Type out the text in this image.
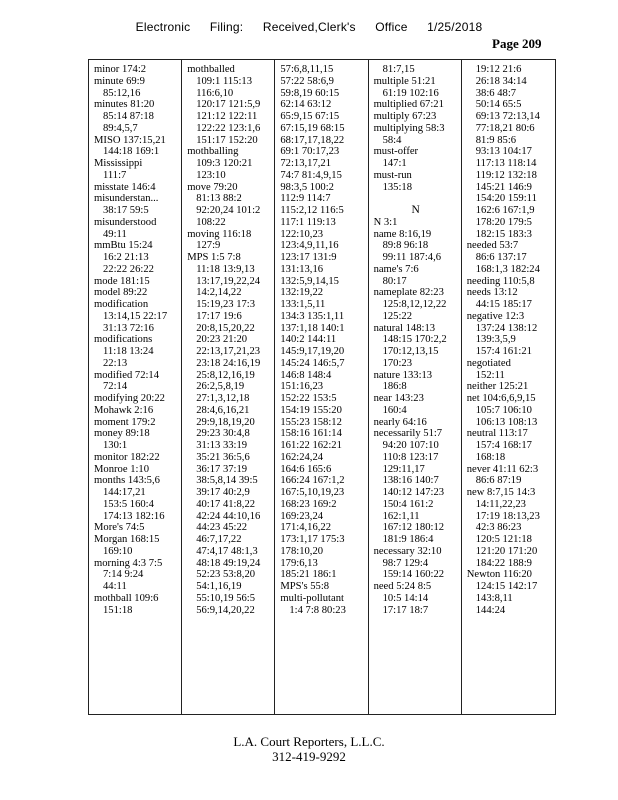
Electronic Filing: Received,Clerk's Office 1/25/2018
Page 209
minor 174:2
minute 69:9
85:12,16
minutes 81:20
85:14 87:18
89:4,5,7
MISO 137:15,21
144:18 169:1
Mississippi
111:7
misstate 146:4
misunderstan...
38:17 59:5
misunderstood
49:11
mmBtu 15:24
16:2 21:13
22:22 26:22
mode 181:15
model 89:22
modification
13:14,15 22:17
31:13 72:16
modifications
11:18 13:24
22:13
modified 72:14
72:14
modifying 20:22
Mohawk 2:16
moment 179:2
money 89:18
130:1
monitor 182:22
Monroe 1:10
months 143:5,6
144:17,21
153:5 160:4
174:13 182:16
More's 74:5
Morgan 168:15
169:10
morning 4:3 7:5
7:14 9:24
44:11
mothball 109:6
151:18
mothballed
109:1 115:13
116:6,10
120:17 121:5,9
121:12 122:11
122:22 123:1,6
151:17 152:20
mothballing
109:3 120:21
123:10
move 79:20
81:13 88:2
92:20,24 101:2
108:22
moving 116:18
127:9
MPS 1:5 7:8
11:18 13:9,13
13:17,19,22,24
14:2,14,22
15:19,23 17:3
17:17 19:6
20:8,15,20,22
20:23 21:20
22:13,17,21,23
23:18 24:16,19
25:8,12,16,19
26:2,5,8,19
27:1,3,12,18
28:4,6,16,21
29:9,18,19,20
29:23 30:4,8
31:13 33:19
35:21 36:5,6
36:17 37:19
38:5,8,14 39:5
39:17 40:2,9
40:17 41:8,22
42:24 44:10,16
44:23 45:22
46:7,17,22
47:4,17 48:1,3
48:18 49:19,24
52:23 53:8,20
54:1,16,19
55:10,19 56:5
56:9,14,20,22
57:6,8,11,15
57:22 58:6,9
59:8,19 60:15
62:14 63:12
65:9,15 67:15
67:15,19 68:15
68:17,17,18,22
69:1 70:17,23
72:13,17,21
74:7 81:4,9,15
98:3,5 100:2
112:9 114:7
115:2,12 116:5
117:1 119:13
122:10,23
123:4,9,11,16
123:17 131:9
131:13,16
132:5,9,14,15
132:19,22
133:1,5,11
134:3 135:1,11
137:1,18 140:1
140:2 144:11
145:9,17,19,20
145:24 146:5,7
146:8 148:4
151:16,23
152:22 153:5
154:19 155:20
155:23 158:12
158:16 161:14
161:22 162:21
162:24,24
164:6 165:6
166:24 167:1,2
167:5,10,19,23
168:23 169:2
169:23,24
171:4,16,22
173:1,17 175:3
178:10,20
179:6,13
185:21 186:1
MPS's 55:8
multi-pollutant
1:4 7:8 80:23
81:7,15
multiple 51:21
61:19 102:16
multiplied 67:21
multiply 67:23
multiplying 58:3
58:4
must-offer
147:1
must-run
135:18
N
N 3:1
name 8:16,19
89:8 96:18
99:11 187:4,6
name's 7:6
80:17
nameplate 82:23
125:8,12,12,22
125:22
natural 148:13
148:15 170:2,2
170:12,13,15
170:23
nature 133:13
186:8
near 143:23
160:4
nearly 64:16
necessarily 51:7
94:20 107:10
110:8 123:17
129:11,17
138:16 140:7
140:12 147:23
150:4 161:2
162:1,11
167:12 180:12
181:9 186:4
necessary 32:10
98:7 129:4
159:14 160:22
need 5:24 8:5
10:5 14:14
17:17 18:7
19:12 21:6
26:18 34:14
38:6 48:7
50:14 65:5
69:13 72:13,14
77:18,21 80:6
81:9 85:6
93:13 104:17
117:13 118:14
119:12 132:18
145:21 146:9
154:20 159:11
162:6 167:1,9
178:20 179:5
182:15 183:3
needed 53:7
86:6 137:17
168:1,3 182:24
needing 110:5,8
needs 13:12
44:15 185:17
negative 12:3
137:24 138:12
139:3,5,9
157:4 161:21
negotiated
152:11
neither 125:21
net 104:6,6,9,15
105:7 106:10
106:13 108:13
neutral 113:17
157:4 168:17
168:18
never 41:11 62:3
86:6 87:19
new 8:7,15 14:3
14:11,22,23
17:19 18:13,23
42:3 86:23
120:5 121:18
121:20 171:20
184:22 188:9
Newton 116:20
124:15 142:17
143:8,11
144:24
L.A. Court Reporters, L.L.C.
312-419-9292
